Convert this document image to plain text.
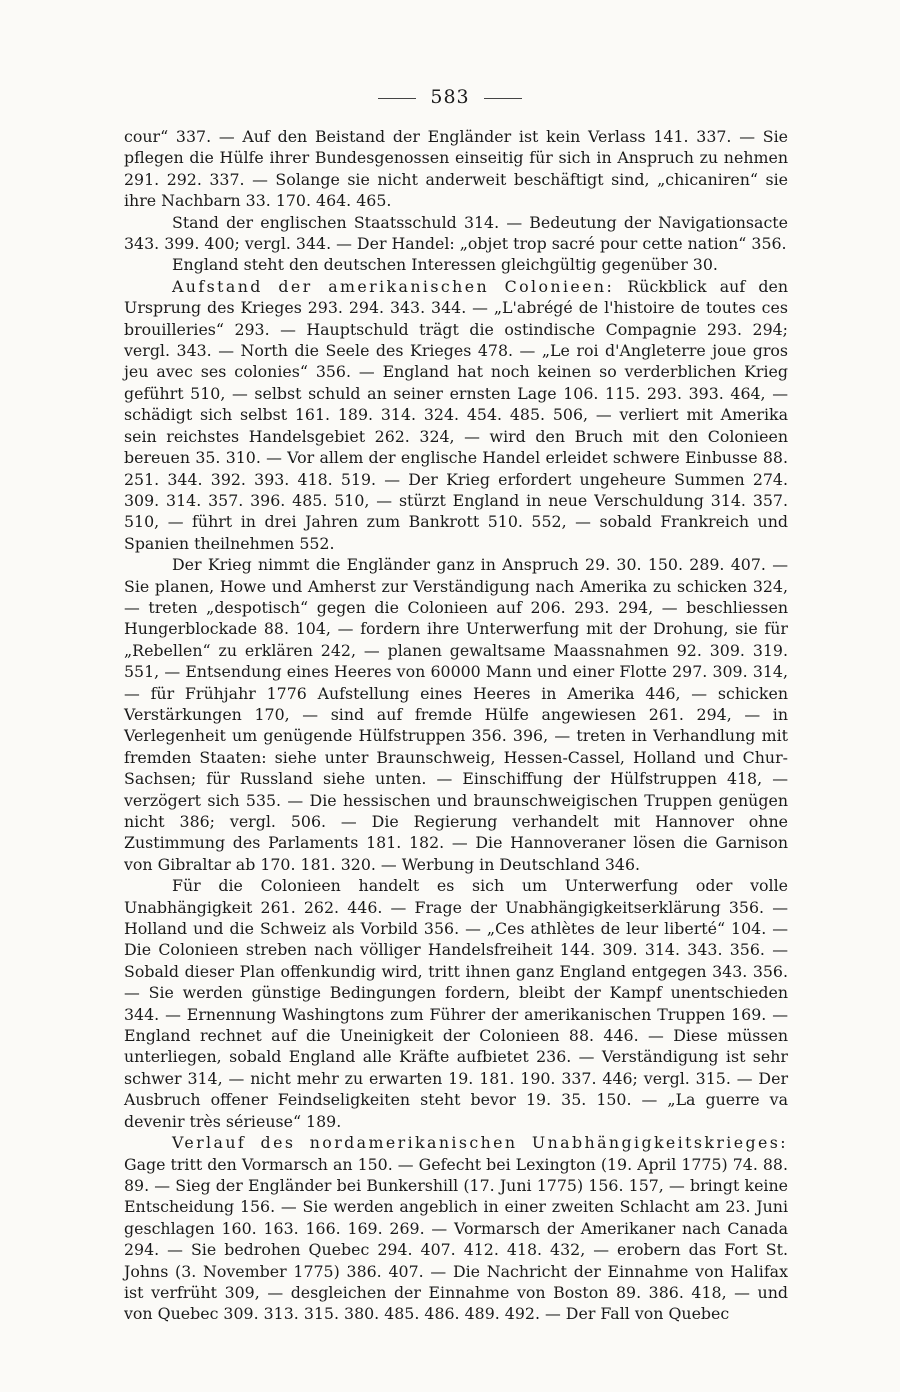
583

cour“ 337. — Auf den Beistand der Engländer ist kein Verlass 141. 337. — Sie pflegen die Hülfe ihrer Bundesgenossen einseitig für sich in Anspruch zu nehmen 291. 292. 337. — Solange sie nicht anderweit beschäftigt sind, „chicaniren“ sie ihre Nachbarn 33. 170. 464. 465.

Stand der englischen Staatsschuld 314. — Bedeutung der Navigationsacte 343. 399. 400; vergl. 344. — Der Handel: „objet trop sacré pour cette nation“ 356.

England steht den deutschen Interessen gleichgültig gegenüber 30.

Aufstand der amerikanischen Colonieen: Rückblick auf den Ursprung des Krieges 293. 294. 343. 344. — „L'abrégé de l'histoire de toutes ces brouilleries“ 293. — Hauptschuld trägt die ostindische Compagnie 293. 294; vergl. 343. — North die Seele des Krieges 478. — „Le roi d'Angleterre joue gros jeu avec ses colonies“ 356. — England hat noch keinen so verderblichen Krieg geführt 510, — selbst schuld an seiner ernsten Lage 106. 115. 293. 393. 464, — schädigt sich selbst 161. 189. 314. 324. 454. 485. 506, — verliert mit Amerika sein reichstes Handelsgebiet 262. 324, — wird den Bruch mit den Colonieen bereuen 35. 310. — Vor allem der englische Handel erleidet schwere Einbusse 88. 251. 344. 392. 393. 418. 519. — Der Krieg erfordert ungeheure Summen 274. 309. 314. 357. 396. 485. 510, — stürzt England in neue Verschuldung 314. 357. 510, — führt in drei Jahren zum Bankrott 510. 552, — sobald Frankreich und Spanien theilnehmen 552.

Der Krieg nimmt die Engländer ganz in Anspruch 29. 30. 150. 289. 407. — Sie planen, Howe und Amherst zur Verständigung nach Amerika zu schicken 324, — treten „despotisch“ gegen die Colonieen auf 206. 293. 294, — beschliessen Hungerblockade 88. 104, — fordern ihre Unterwerfung mit der Drohung, sie für „Rebellen“ zu erklären 242, — planen gewaltsame Maassnahmen 92. 309. 319. 551, — Entsendung eines Heeres von 60000 Mann und einer Flotte 297. 309. 314, — für Frühjahr 1776 Aufstellung eines Heeres in Amerika 446, — schicken Verstärkungen 170, — sind auf fremde Hülfe angewiesen 261. 294, — in Verlegenheit um genügende Hülfstruppen 356. 396, — treten in Verhandlung mit fremden Staaten: siehe unter Braunschweig, Hessen-Cassel, Holland und Chur-Sachsen; für Russland siehe unten. — Einschiffung der Hülfstruppen 418, — verzögert sich 535. — Die hessischen und braunschweigischen Truppen genügen nicht 386; vergl. 506. — Die Regierung verhandelt mit Hannover ohne Zustimmung des Parlaments 181. 182. — Die Hannoveraner lösen die Garnison von Gibraltar ab 170. 181. 320. — Werbung in Deutschland 346.

Für die Colonieen handelt es sich um Unterwerfung oder volle Unabhängigkeit 261. 262. 446. — Frage der Unabhängigkeitserklärung 356. — Holland und die Schweiz als Vorbild 356. — „Ces athlètes de leur liberté“ 104. — Die Colonieen streben nach völliger Handelsfreiheit 144. 309. 314. 343. 356. — Sobald dieser Plan offenkundig wird, tritt ihnen ganz England entgegen 343. 356. — Sie werden günstige Bedingungen fordern, bleibt der Kampf unentschieden 344. — Ernennung Washingtons zum Führer der amerikanischen Truppen 169. — England rechnet auf die Uneinigkeit der Colonieen 88. 446. — Diese müssen unterliegen, sobald England alle Kräfte aufbietet 236. — Verständigung ist sehr schwer 314, — nicht mehr zu erwarten 19. 181. 190. 337. 446; vergl. 315. — Der Ausbruch offener Feindseligkeiten steht bevor 19. 35. 150. — „La guerre va devenir très sérieuse“ 189.

Verlauf des nordamerikanischen Unabhängigkeitskrieges: Gage tritt den Vormarsch an 150. — Gefecht bei Lexington (19. April 1775) 74. 88. 89. — Sieg der Engländer bei Bunkershill (17. Juni 1775) 156. 157, — bringt keine Entscheidung 156. — Sie werden angeblich in einer zweiten Schlacht am 23. Juni geschlagen 160. 163. 166. 169. 269. — Vormarsch der Amerikaner nach Canada 294. — Sie bedrohen Quebec 294. 407. 412. 418. 432, — erobern das Fort St. Johns (3. November 1775) 386. 407. — Die Nachricht der Einnahme von Halifax ist verfrüht 309, — desgleichen der Einnahme von Boston 89. 386. 418, — und von Quebec 309. 313. 315. 380. 485. 486. 489. 492. — Der Fall von Quebec
